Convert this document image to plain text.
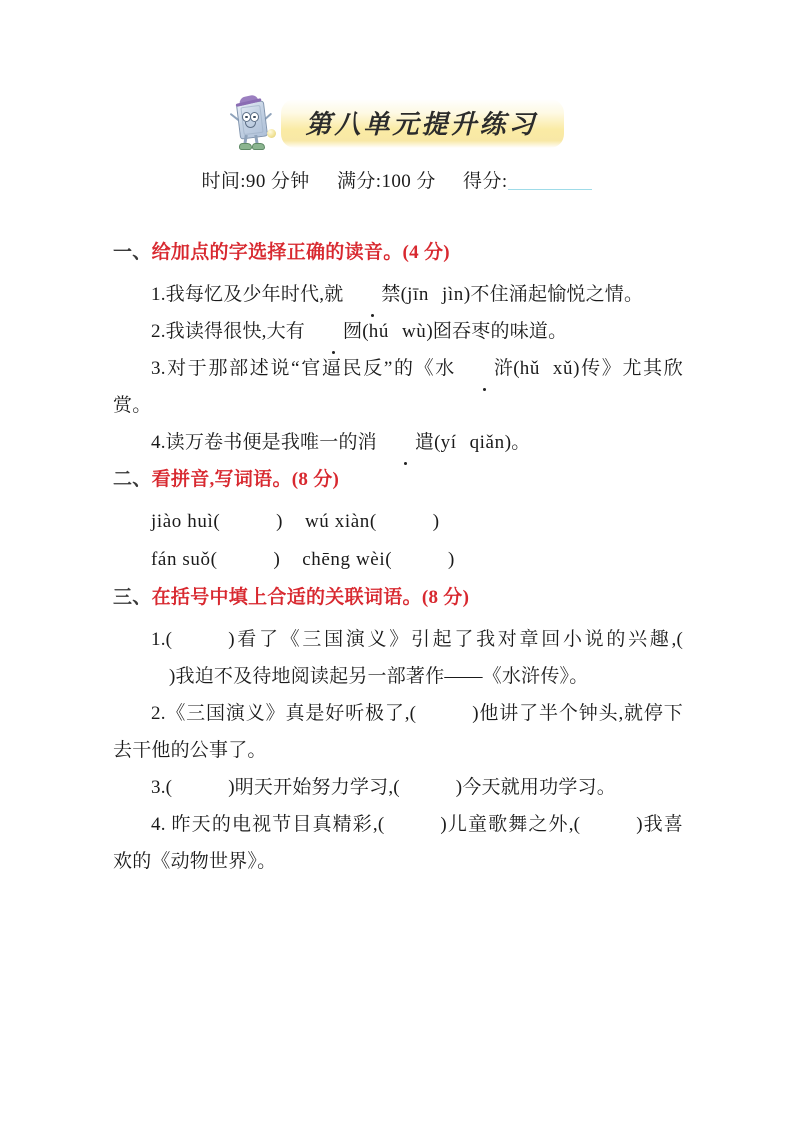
第八单元提升练习
时间:90 分钟 满分:100 分 得分:

一、给加点的字选择正确的读音。(4 分)

1.我每忆及少年时代,就 禁(jīn jìn)不住涌起愉悦之情。

2.我读得很快,大有 囫(hú wù)囵吞枣的味道。

3.对于那部述说“官逼民反”的《水 浒(hǔ xǔ)传》尤其欣赏。

4.读万卷书便是我唯一的消 遣(yí qiǎn)。

二、看拼音,写词语。(8 分)

jiào huì(	) wú xiàn(	)

fán suǒ(	) chēng wèi(	)

三、在括号中填上合适的关联词语。(8 分)

1.(	)看了《三国演义》引起了我对章回小说的兴趣,()我迫不及待地阅读起另一部著作——《水浒传》。

2.《三国演义》真是好听极了,(	)他讲了半个钟头,就停下去干他的公事了。

3.(	)明天开始努力学习,(	)今天就用功学习。

4. 昨天的电视节目真精彩,(	)儿童歌舞之外,(	)我喜欢的《动物世界》。
